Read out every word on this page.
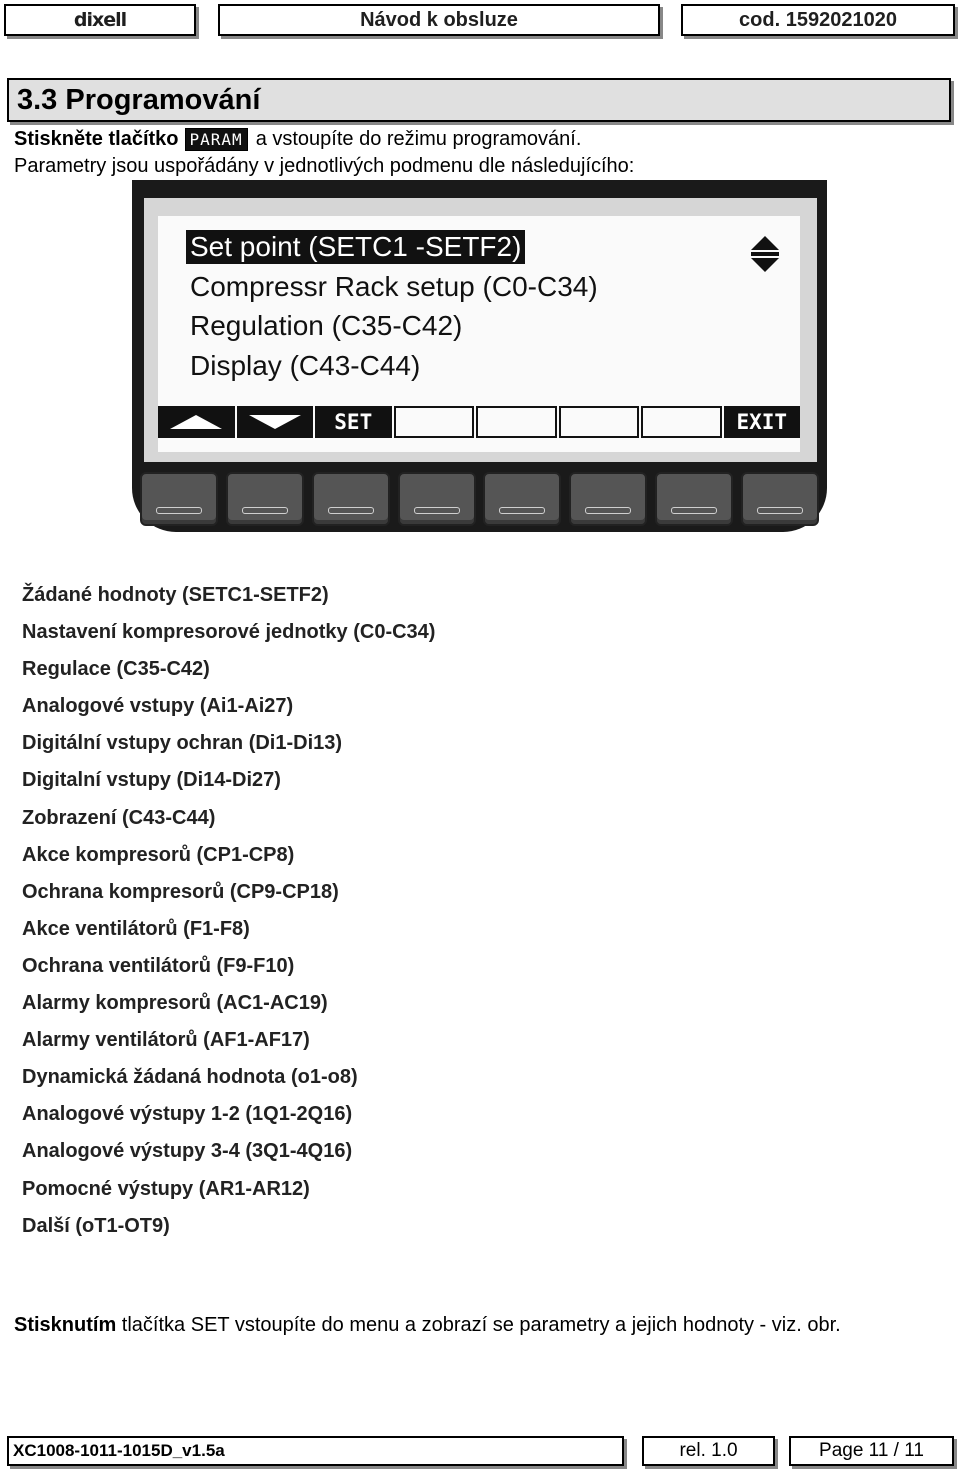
dixell	Návod k obsluze	cod. 1592021020
3.3 Programování
Stiskněte tlačítko PARAM a vstoupíte do režimu programování.
Parametry jsou uspořádány v jednotlivých podmenu dle následujícího:
Set point (SETC1 -SETF2)
Compressr Rack setup (C0-C34)
Regulation (C35-C42)
Display (C43-C44)
SET	EXIT
Žádané hodnoty (SETC1-SETF2)
Nastavení kompresorové jednotky (C0-C34)
Regulace (C35-C42)
Analogové vstupy (Ai1-Ai27)
Digitální vstupy ochran (Di1-Di13)
Digitalní vstupy (Di14-Di27)
Zobrazení (C43-C44)
Akce kompresorů (CP1-CP8)
Ochrana kompresorů (CP9-CP18)
Akce ventilátorů (F1-F8)
Ochrana ventilátorů (F9-F10)
Alarmy kompresorů (AC1-AC19)
Alarmy ventilátorů (AF1-AF17)
Dynamická žádaná hodnota (o1-o8)
Analogové výstupy 1-2 (1Q1-2Q16)
Analogové výstupy 3-4 (3Q1-4Q16)
Pomocné výstupy (AR1-AR12)
Další (oT1-OT9)
Stisknutím tlačítka SET vstoupíte do menu a zobrazí se parametry a jejich hodnoty - viz. obr.
XC1008-1011-1015D_v1.5a	rel. 1.0	Page 11 / 11
